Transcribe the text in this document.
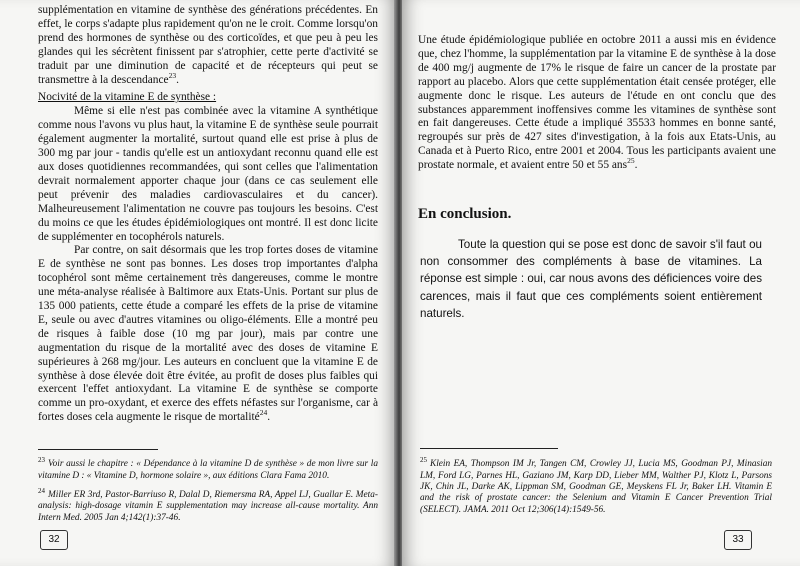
supplémentation en vitamine de synthèse des générations précédentes. En effet, le corps s'adapte plus rapidement qu'on ne le croit. Comme lorsqu'on prend des hormones de synthèse ou des corticoïdes, et que peu à peu les glandes qui les sécrètent finissent par s'atrophier, cette perte d'activité se traduit par une diminution de capacité et de récepteurs qui peut se transmettre à la descendance$^{23}$.

Nocivité de la vitamine E de synthèse :

Même si elle n'est pas combinée avec la vitamine A synthétique comme nous l'avons vu plus haut, la vitamine E de synthèse seule pourrait également augmenter la mortalité, surtout quand elle est prise à plus de 300 mg par jour - tandis qu'elle est un antioxydant reconnu quand elle est aux doses quotidiennes recommandées, qui sont celles que l'alimentation devrait normalement apporter chaque jour (dans ce cas seulement elle peut prévenir des maladies cardiovasculaires et du cancer). Malheureusement l'alimentation ne couvre pas toujours les besoins. C'est du moins ce que les études épidémiologiques ont montré. Il est donc licite de supplémenter en tocophérols naturels.

Par contre, on sait désormais que les trop fortes doses de vitamine E de synthèse ne sont pas bonnes. Les doses trop importantes d'alpha tocophérol sont même certainement très dangereuses, comme le montre une méta-analyse réalisée à Baltimore aux Etats-Unis. Portant sur plus de 135 000 patients, cette étude a comparé les effets de la prise de vitamine E, seule ou avec d'autres vitamines ou oligo-éléments. Elle a montré peu de risques à faible dose (10 mg par jour), mais par contre une augmentation du risque de la mortalité avec des doses de vitamine E supérieures à 268 mg/jour. Les auteurs en concluent que la vitamine E de synthèse à dose élevée doit être évitée, au profit de doses plus faibles qui exercent l'effet antioxydant. La vitamine E de synthèse se comporte comme un pro-oxydant, et exerce des effets néfastes sur l'organisme, car à fortes doses cela augmente le risque de mortalité$^{24}$.

$^{23}$ Voir aussi le chapitre : « Dépendance à la vitamine D de synthèse » de mon livre sur la vitamine D : « Vitamine D, hormone solaire », aux éditions Clara Fama 2010.

$^{24}$ Miller ER 3rd, Pastor-Barriuso R, Dalal D, Riemersma RA, Appel LJ, Guallar E. Meta-analysis: high-dosage vitamin E supplementation may increase all-cause mortality. Ann Intern Med. 2005 Jan 4;142(1):37-46.

32

Une étude épidémiologique publiée en octobre 2011 a aussi mis en évidence que, chez l'homme, la supplémentation par la vitamine E de synthèse à la dose de 400 mg/j augmente de 17% le risque de faire un cancer de la prostate par rapport au placebo. Alors que cette supplémentation était censée protéger, elle augmente donc le risque. Les auteurs de l'étude en ont conclu que des substances apparemment inoffensives comme les vitamines de synthèse sont en fait dangereuses. Cette étude a impliqué 35533 hommes en bonne santé, regroupés sur près de 427 sites d'investigation, à la fois aux Etats-Unis, au Canada et à Puerto Rico, entre 2001 et 2004. Tous les participants avaient une prostate normale, et avaient entre 50 et 55 ans$^{25}$.

En conclusion.

Toute la question qui se pose est donc de savoir s'il faut ou non consommer des compléments à base de vitamines. La réponse est simple : oui, car nous avons des déficiences voire des carences, mais il faut que ces compléments soient entièrement naturels.

$^{25}$ Klein EA, Thompson IM Jr, Tangen CM, Crowley JJ, Lucia MS, Goodman PJ, Minasian LM, Ford LG, Parnes HL, Gaziano JM, Karp DD, Lieber MM, Walther PJ, Klotz L, Parsons JK, Chin JL, Darke AK, Lippman SM, Goodman GE, Meyskens FL Jr, Baker LH. Vitamin E and the risk of prostate cancer: the Selenium and Vitamin E Cancer Prevention Trial (SELECT). JAMA. 2011 Oct 12;306(14):1549-56.

33
